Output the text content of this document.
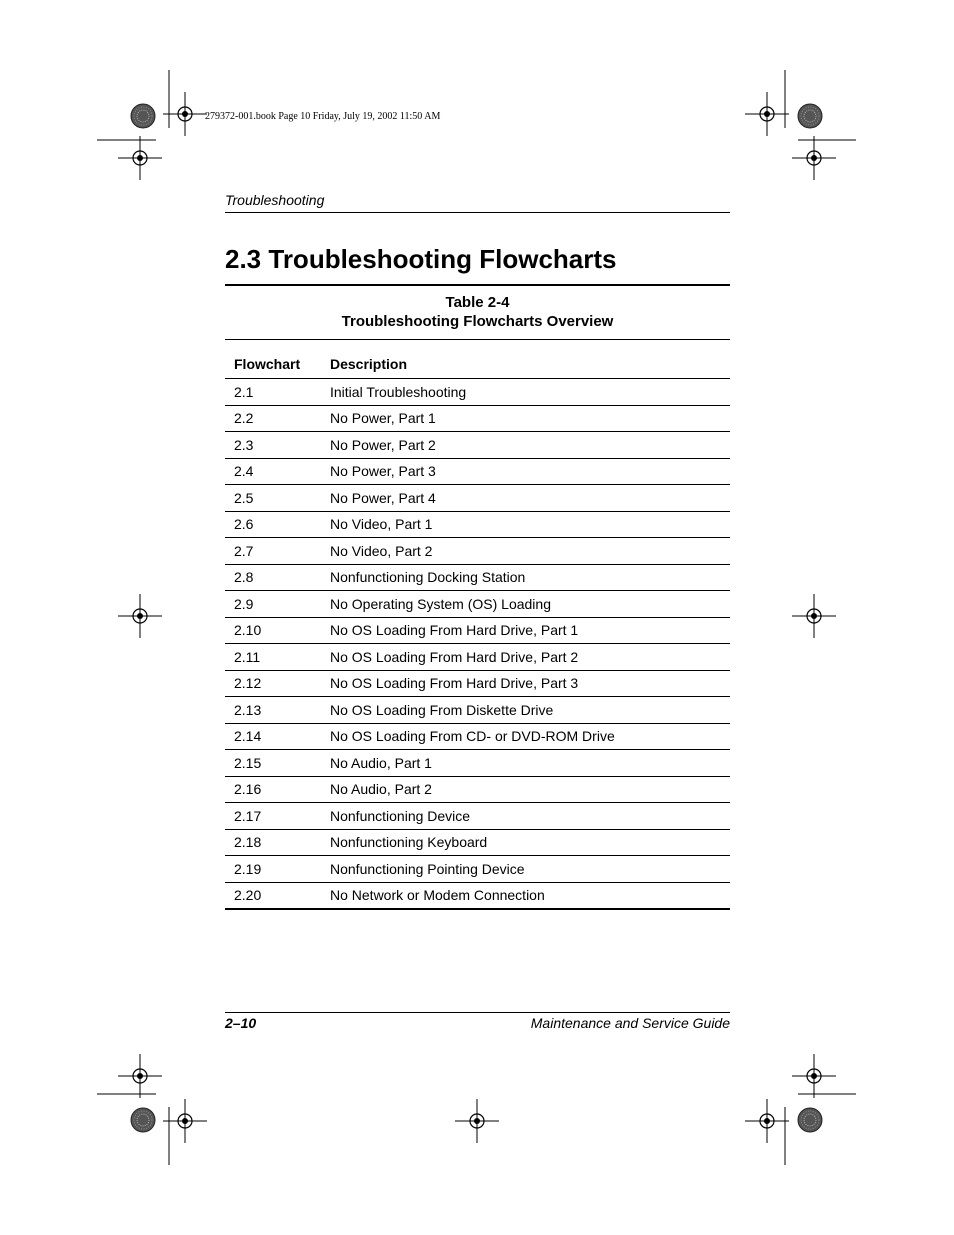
279372-001.book Page 10 Friday, July 19, 2002 11:50 AM
Troubleshooting
2.3 Troubleshooting Flowcharts
Table 2-4
Troubleshooting Flowcharts Overview
Flowchart	Description
2.1	Initial Troubleshooting
2.2	No Power, Part 1
2.3	No Power, Part 2
2.4	No Power, Part 3
2.5	No Power, Part 4
2.6	No Video, Part 1
2.7	No Video, Part 2
2.8	Nonfunctioning Docking Station
2.9	No Operating System (OS) Loading
2.10	No OS Loading From Hard Drive, Part 1
2.11	No OS Loading From Hard Drive, Part 2
2.12	No OS Loading From Hard Drive, Part 3
2.13	No OS Loading From Diskette Drive
2.14	No OS Loading From CD- or DVD-ROM Drive
2.15	No Audio, Part 1
2.16	No Audio, Part 2
2.17	Nonfunctioning Device
2.18	Nonfunctioning Keyboard
2.19	Nonfunctioning Pointing Device
2.20	No Network or Modem Connection
2–10	Maintenance and Service Guide
